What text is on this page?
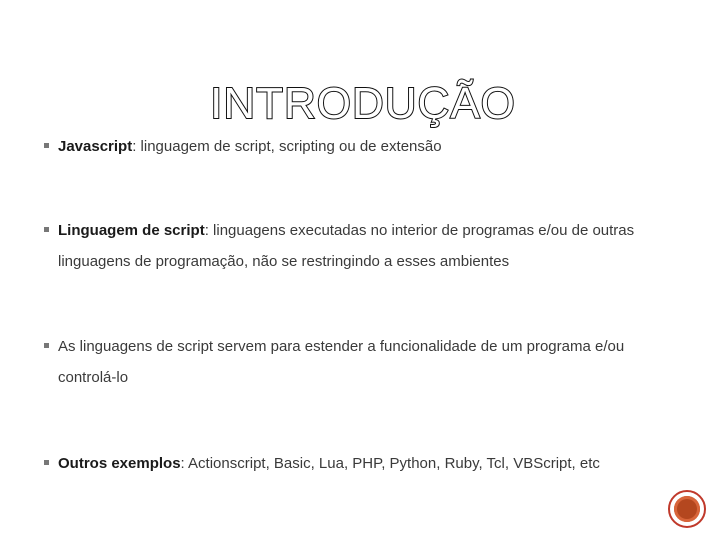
INTRODUÇÃO
Javascript: linguagem de script, scripting ou de extensão
Linguagem de script: linguagens executadas no interior de programas e/ou de outras linguagens de programação, não se restringindo a esses ambientes
As linguagens de script servem para estender a funcionalidade de um programa e/ou controlá-lo
Outros exemplos: Actionscript, Basic, Lua, PHP, Python, Ruby, Tcl, VBScript, etc
